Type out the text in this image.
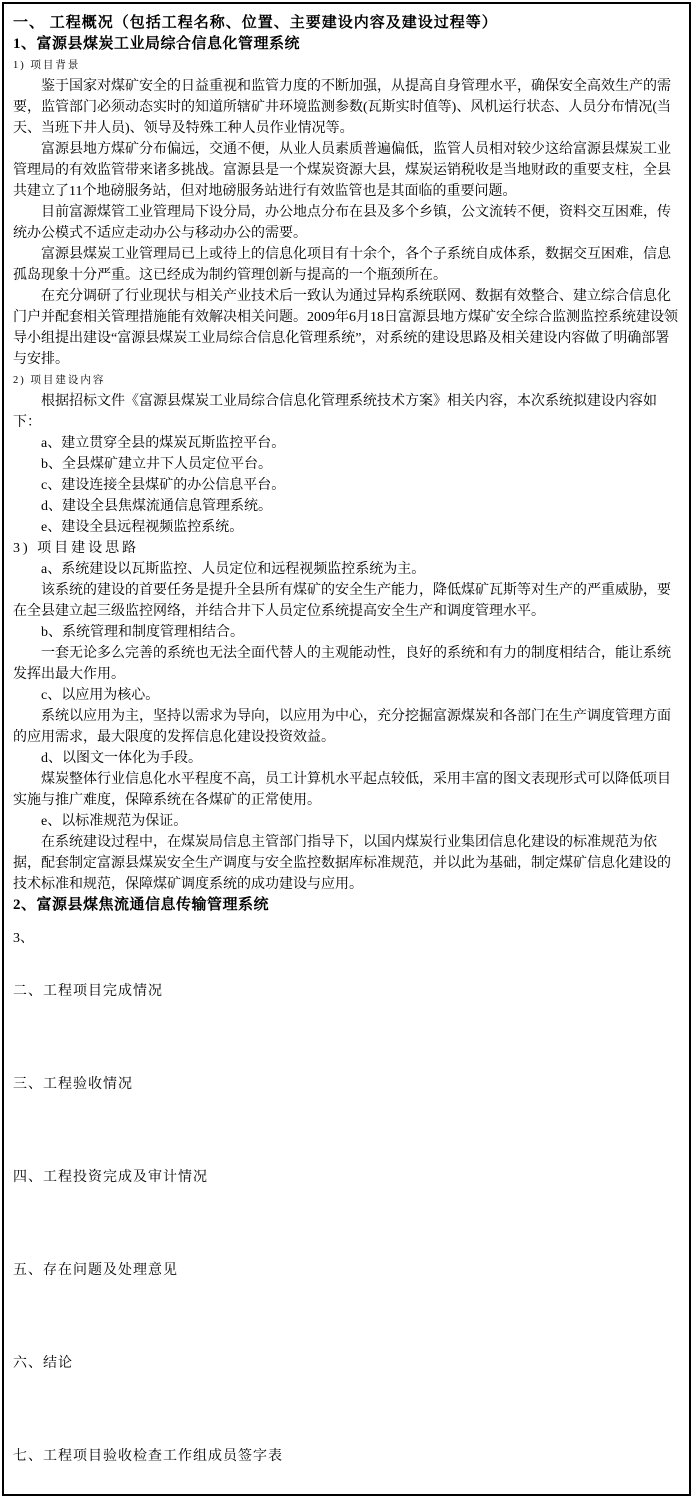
一、 工程概况（包括工程名称、位置、主要建设内容及建设过程等）
1、富源县煤炭工业局综合信息化管理系统
1) 项目背景
鉴于国家对煤矿安全的日益重视和监管力度的不断加强，从提高自身管理水平，确保安全高效生产的需要，监管部门必须动态实时的知道所辖矿井环境监测参数(瓦斯实时值等)、风机运行状态、人员分布情况(当天、当班下井人员)、领导及特殊工种人员作业情况等。
富源县地方煤矿分布偏远，交通不便，从业人员素质普遍偏低，监管人员相对较少这给富源县煤炭工业管理局的有效监管带来诸多挑战。富源县是一个煤炭资源大县，煤炭运销税收是当地财政的重要支柱，全县共建立了11个地磅服务站，但对地磅服务站进行有效监管也是其面临的重要问题。
目前富源煤管工业管理局下设分局，办公地点分布在县及多个乡镇，公文流转不便，资料交互困难，传统办公模式不适应走动办公与移动办公的需要。
富源县煤炭工业管理局已上或待上的信息化项目有十余个，各个子系统自成体系，数据交互困难，信息孤岛现象十分严重。这已经成为制约管理创新与提高的一个瓶颈所在。
在充分调研了行业现状与相关产业技术后一致认为通过异构系统联网、数据有效整合、建立综合信息化门户并配套相关管理措施能有效解决相关问题。2009年6月18日富源县地方煤矿安全综合监测监控系统建设领导小组提出建设“富源县煤炭工业局综合信息化管理系统”，对系统的建设思路及相关建设内容做了明确部署与安排。
2) 项目建设内容
根据招标文件《富源县煤炭工业局综合信息化管理系统技术方案》相关内容，本次系统拟建设内容如下：
a、建立贯穿全县的煤炭瓦斯监控平台。
b、全县煤矿建立井下人员定位平台。
c、建设连接全县煤矿的办公信息平台。
d、建设全县焦煤流通信息管理系统。
e、建设全县远程视频监控系统。
3) 项目建设思路
a、系统建设以瓦斯监控、人员定位和远程视频监控系统为主。
该系统的建设的首要任务是提升全县所有煤矿的安全生产能力，降低煤矿瓦斯等对生产的严重威胁，要在全县建立起三级监控网络，并结合井下人员定位系统提高安全生产和调度管理水平。
b、系统管理和制度管理相结合。
一套无论多么完善的系统也无法全面代替人的主观能动性，良好的系统和有力的制度相结合，能让系统发挥出最大作用。
c、以应用为核心。
系统以应用为主，坚持以需求为导向，以应用为中心，充分挖掘富源煤炭和各部门在生产调度管理方面的应用需求，最大限度的发挥信息化建设投资效益。
d、以图文一体化为手段。
煤炭整体行业信息化水平程度不高，员工计算机水平起点较低，采用丰富的图文表现形式可以降低项目实施与推广难度，保障系统在各煤矿的正常使用。
e、以标准规范为保证。
在系统建设过程中，在煤炭局信息主管部门指导下，以国内煤炭行业集团信息化建设的标准规范为依据，配套制定富源县煤炭安全生产调度与安全监控数据库标准规范，并以此为基础，制定煤矿信息化建设的技术标准和规范，保障煤矿调度系统的成功建设与应用。
2、富源县煤焦流通信息传输管理系统
3、
二、工程项目完成情况
三、工程验收情况
四、工程投资完成及审计情况
五、存在问题及处理意见
六、结论
七、工程项目验收检查工作组成员签字表
